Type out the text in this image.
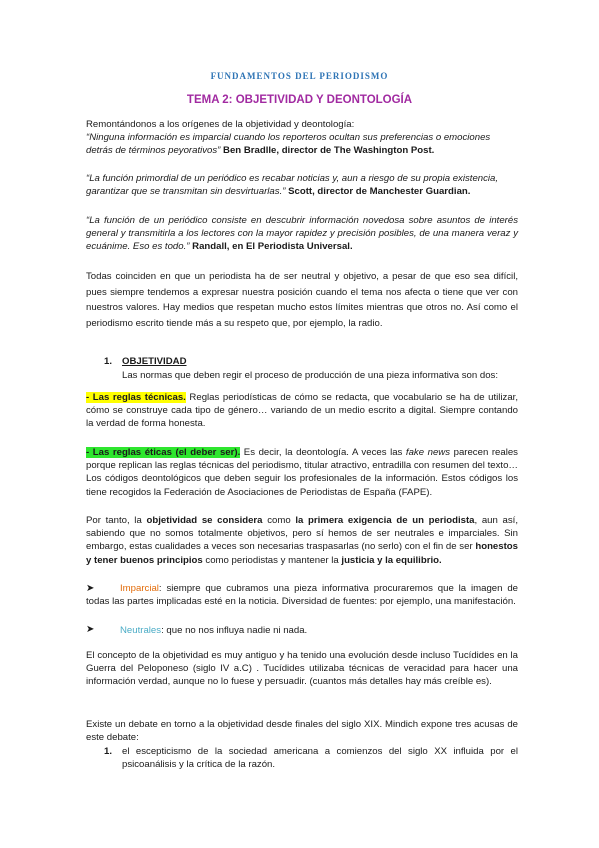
FUNDAMENTOS DEL PERIODISMO
TEMA 2: OBJETIVIDAD Y DEONTOLOGÍA
Remontándonos a los orígenes de la objetividad y deontología:
“Ninguna información es imparcial cuando los reporteros ocultan sus preferencias o emociones detrás de términos peyorativos” Ben Bradlle, director de The Washington Post.
“La función primordial de un periódico es recabar noticias y, aun a riesgo de su propia existencia, garantizar que se transmitan sin desvirtuarlas.” Scott, director de Manchester Guardian.
“La función de un periódico consiste en descubrir información novedosa sobre asuntos de interés general y transmitirla a los lectores con la mayor rapidez y precisión posibles, de una manera veraz y ecuánime. Eso es todo.” Randall, en El Periodista Universal.
Todas coinciden en que un periodista ha de ser neutral y objetivo, a pesar de que eso sea difícil, pues siempre tendemos a expresar nuestra posición cuando el tema nos afecta o tiene que ver con nuestros valores. Hay medios que respetan mucho estos límites mientras que otros no. Así como el periodismo escrito tiende más a su respeto que, por ejemplo, la radio.
1. OBJETIVIDAD
Las normas que deben regir el proceso de producción de una pieza informativa son dos:
- Las reglas técnicas. Reglas periodísticas de cómo se redacta, que vocabulario se ha de utilizar, cómo se construye cada tipo de género… variando de un medio escrito a digital. Siempre contando la verdad de forma honesta.
- Las reglas éticas (el deber ser). Es decir, la deontología. A veces las fake news parecen reales porque replican las reglas técnicas del periodismo, titular atractivo, entradilla con resumen del texto…Los códigos deontológicos que deben seguir los profesionales de la información. Estos códigos los tiene recogidos la Federación de Asociaciones de Periodistas de España (FAPE).
Por tanto, la objetividad se considera como la primera exigencia de un periodista, aun así, sabiendo que no somos totalmente objetivos, pero sí hemos de ser neutrales e imparciales. Sin embargo, estas cualidades a veces son necesarias traspasarlas (no serlo) con el fin de ser honestos y tener buenos principios como periodistas y mantener la justicia y la equilibrio.
➤	Imparcial: siempre que cubramos una pieza informativa procuraremos que la imagen de todas las partes implicadas esté en la noticia. Diversidad de fuentes: por ejemplo, una manifestación.
➤	Neutrales: que no nos influya nadie ni nada.
El concepto de la objetividad es muy antiguo y ha tenido una evolución desde incluso Tucídides en la Guerra del Peloponeso (siglo IV a.C) . Tucídides utilizaba técnicas de veracidad para hacer una información verdad, aunque no lo fuese y persuadir. (cuantos más detalles hay más creíble es).
Existe un debate en torno a la objetividad desde finales del siglo XIX. Mindich expone tres acusas de este debate:
1. el escepticismo de la sociedad americana a comienzos del siglo XX influida por el psicoanálisis y la crítica de la razón.
